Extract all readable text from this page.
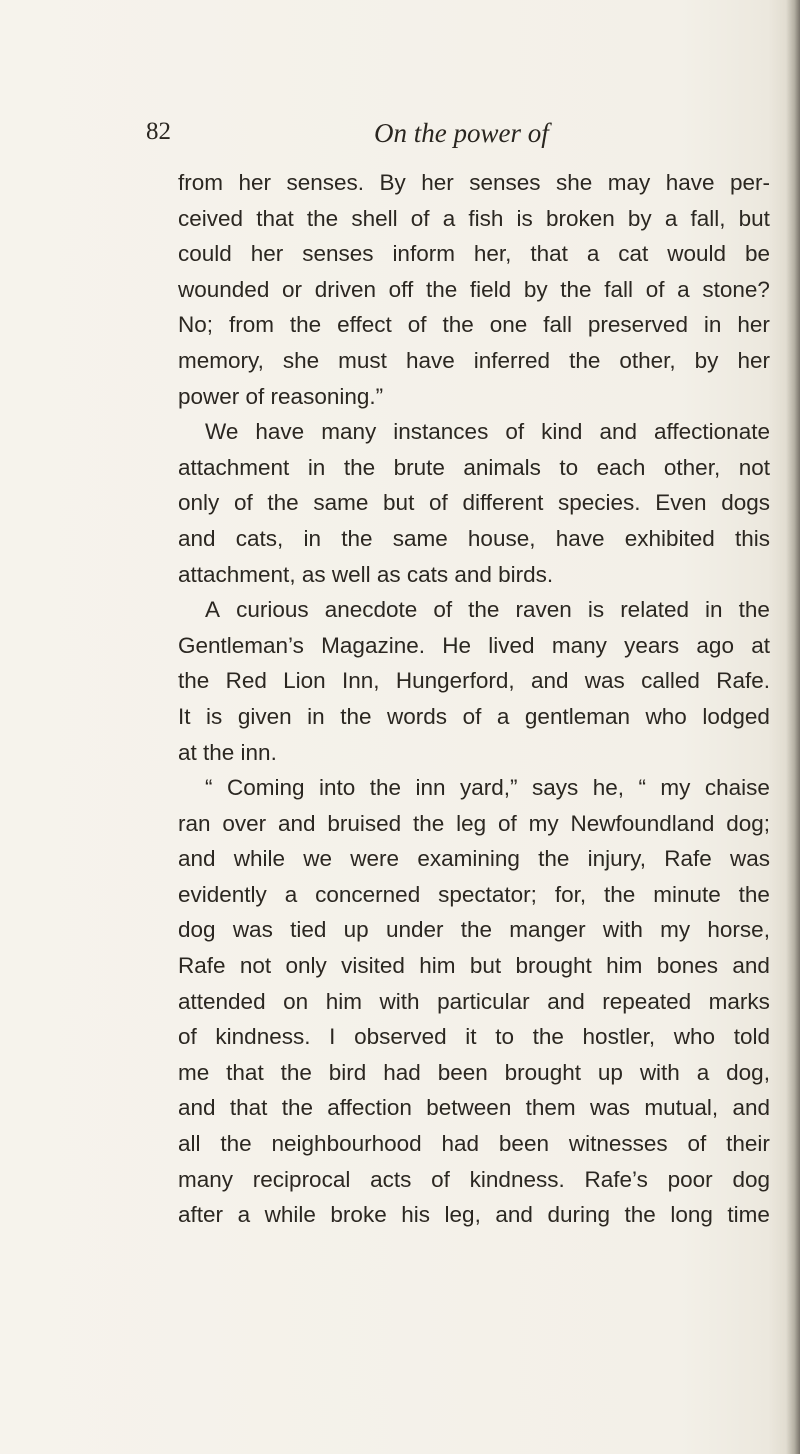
82	On the power of
from her senses. By her senses she may have per-
ceived that the shell of a fish is broken by a fall, but
could her senses inform her, that a cat would be
wounded or driven off the field by the fall of a stone?
No; from the effect of the one fall preserved in her
memory, she must have inferred the other, by her
power of reasoning.”
We have many instances of kind and affectionate
attachment in the brute animals to each other, not
only of the same but of different species. Even dogs
and cats, in the same house, have exhibited this
attachment, as well as cats and birds.
A curious anecdote of the raven is related in the
Gentleman’s Magazine. He lived many years ago at
the Red Lion Inn, Hungerford, and was called Rafe.
It is given in the words of a gentleman who lodged
at the inn.
“ Coming into the inn yard,” says he, “ my chaise
ran over and bruised the leg of my Newfoundland dog;
and while we were examining the injury, Rafe was
evidently a concerned spectator; for, the minute the
dog was tied up under the manger with my horse,
Rafe not only visited him but brought him bones and
attended on him with particular and repeated marks
of kindness. I observed it to the hostler, who told
me that the bird had been brought up with a dog,
and that the affection between them was mutual, and
all the neighbourhood had been witnesses of their
many reciprocal acts of kindness. Rafe’s poor dog
after a while broke his leg, and during the long time
